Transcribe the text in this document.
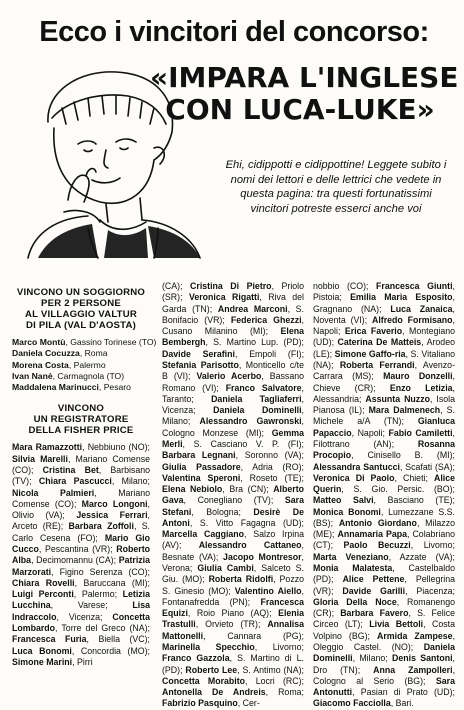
Ecco i vincitori del concorso:
«IMPARA L'INGLESE
CON LUCA-LUKE»
Ehi, cidippotti e cidippottine! Leggete subito i nomi dei lettori e delle lettrici che vedete in questa pagina: tra questi fortunatissimi vincitori potreste esserci anche voi
VINCONO UN SOGGIORNO
PER 2 PERSONE
AL VILLAGGIO VALTUR
DI PILA (VAL D'AOSTA)
Marco Montù, Gassino Torinese (TO)
Daniela Cocuzza, Roma
Morena Costa, Palermo
Ivan Nanè, Carmagnola (TO)
Maddalena Marinucci, Pesaro
VINCONO
UN REGISTRATORE
DELLA FISHER PRICE
Mara Ramazzotti, Nebbiuno (NO); Silvia Marelli, Mariano Comense (CO); Cristina Bet, Barbisano (TV); Chiara Pascucci, Milano; Nicola Palmieri, Mariano Comense (CO); Marco Longoni, Olivio (VA); Jessica Ferrari, Arceto (RE); Barbara Zoffoli, S. Carlo Cesena (FO); Mario Gio Cucco, Pescantina (VR); Roberto Alba, Decimomannu (CA); Patrizia Marzorati, Figino Serenza (CO); Chiara Rovelli, Baruccana (MI); Luigi Perconti, Palermo; Letizia Lucchina, Varese; Lisa Indraccolo, Vicenza; Concetta Lombardo, Torre del Greco (NA); Francesca Furia, Biella (VC); Luca Bonomi, Concordia (MO); Simone Marini, Pirri
(CA); Cristina Di Pietro, Priolo (SR); Veronica Rigatti, Riva del Garda (TN); Andrea Marconi, S. Bonifacio (VR); Federica Ghezzi, Cusano Milanino (MI); Elena Bembergh, S. Martino Lup. (PD); Davide Serafini, Empoli (FI); Stefania Parisotto, Monticello c/te B (VI); Valerio Acerbo, Bassano Romano (VI); Franco Salvatore, Taranto; Daniela Tagliaferri, Vicenza; Daniela Dominelli, Milano; Alessandro Gawronski, Cologno Monzese (MI); Gemma Merli, S. Casciano V. P. (FI); Barbara Legnani, Soronno (VA); Giulia Passadore, Adria (RO); Valentina Speroni, Roseto (TE); Elena Nebiolo, Bra (CN); Alberto Gava, Conegliano (TV); Sara Stefani, Bologna; Desirè De Antoni, S. Vitto Fagagna (UD); Marcella Caggiano, Salzo Irpina (AV); Alessandro Cattaneo, Besnate (VA); Jacopo Montresor, Verona; Giulia Cambi, Salceto S. Giu. (MO); Roberta Ridolfi, Pozzo S. Ginesio (MO); Valentino Aiello, Fontanafredda (PN); Francesca Equizi, Roio Piano (AQ); Elenia Trastulli, Orvieto (TR); Annalisa Mattonelli, Cannara (PG); Marinella Specchio, Livorno; Franco Gazzola, S. Martino di L. (PD); Roberto Lee, S. Antimo (NA); Concetta Morabito, Locri (RC); Antonella De Andreis, Roma; Fabrizio Pasquino, Cer-
nobbio (CO); Francesca Giunti, Pistoia; Emilia Maria Esposito, Gragnano (NA); Luca Zanaica, Noventa (VI); Alfredo Formisano, Napoli; Erica Faverio, Montegiano (UD); Caterina De Matteis, Arodeo (LE); Simone Gaffo-ria, S. Vitaliano (NA); Roberta Ferrandi, Avenzo-Carrara (MS); Mauro Donzelli, Chieve (CR); Enzo Letizia, Alessandria; Assunta Nuzzo, Isola Pianosa (IL); Mara Dalmenech, S. Michele a/A (TN); Gianluca Papaccio, Napoli; Fabio Camiletti, Filottrano (AN); Rosanna Procopio, Cinisello B. (MI); Alessandra Santucci, Scafati (SA); Veronica Di Paolo, Chieti; Alice Querin, S. Gio. Persic. (BO); Matteo Salvi, Basciano (TE); Monica Bonomi, Lumezzane S.S. (BS); Antonio Giordano, Milazzo (ME); Annamaria Papa, Colabriano (CT); Paolo Becuzzi, Livorno; Marta Veneziano, Azzate (VA); Monia Malatesta, Castelbaldo (PD); Alice Pettene, Pellegrina (VR); Davide Garilli, Piacenza; Gloria Della Noce, Romanengo (CR); Barbara Favero, S. Felice Circeo (LT); Livia Bettoli, Costa Volpino (BG); Armida Zampese, Oleggio Castel. (NO); Daniela Dominelli, Milano; Denis Santoni, Dro (TN); Anna Zampolleri, Cologno al Serio (BG); Sara Antonutti, Pasian di Prato (UD); Giacomo Facciolla, Bari.
